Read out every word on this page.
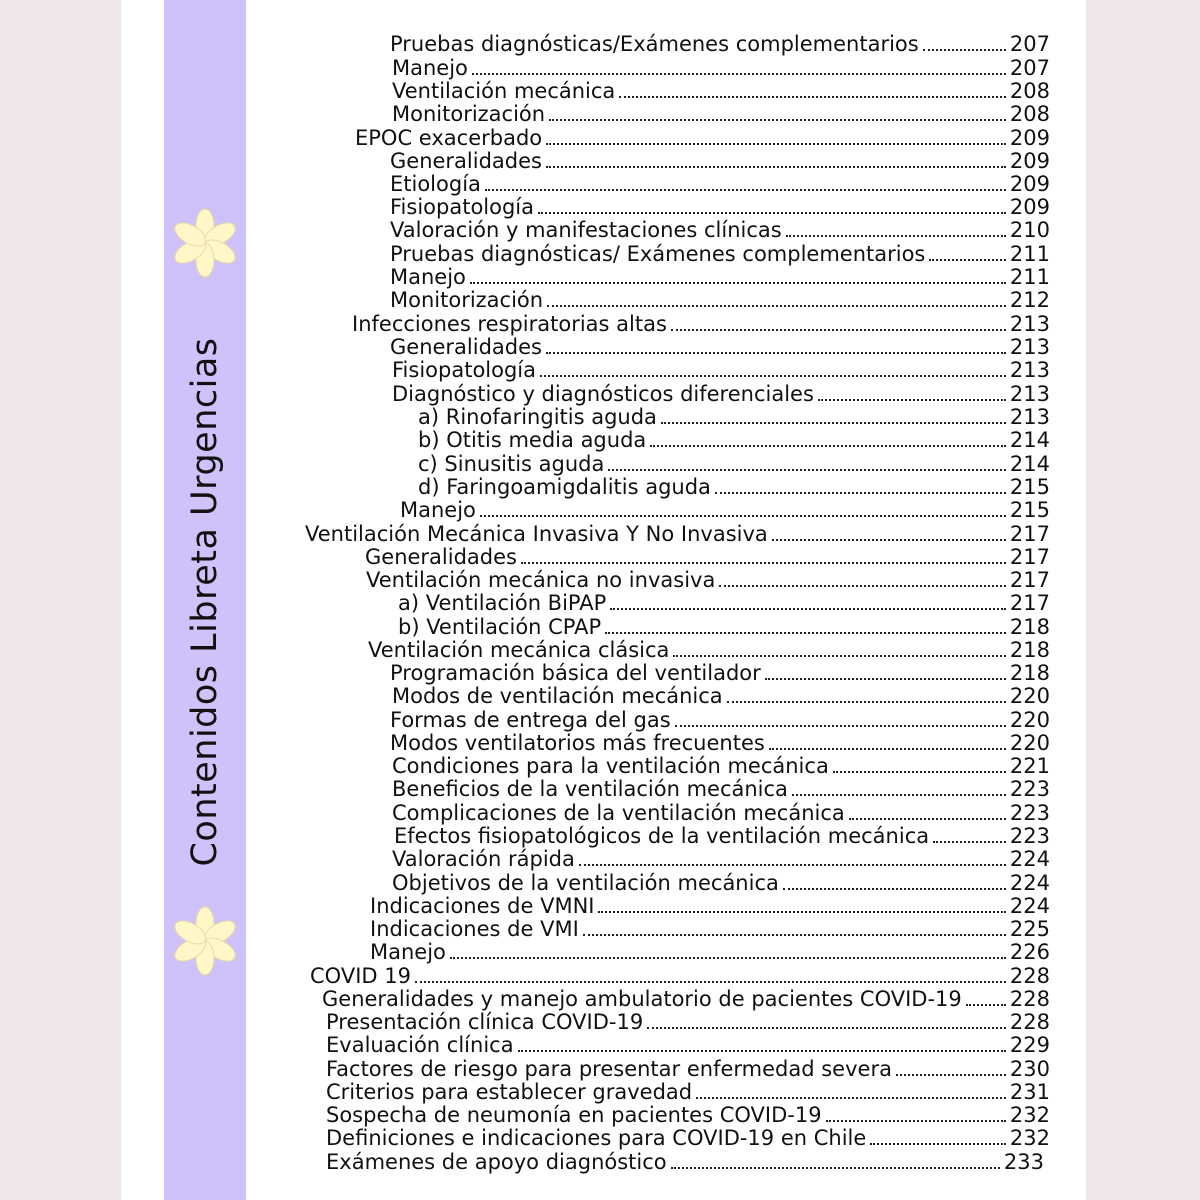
Contenidos Libreta Urgencias
Pruebas diagnósticas/Exámenes complementarios	207
Manejo	207
Ventilación mecánica	208
Monitorización	208
EPOC exacerbado	209
Generalidades	209
Etiología	209
Fisiopatología	209
Valoración y manifestaciones clínicas	210
Pruebas diagnósticas/ Exámenes complementarios	211
Manejo	211
Monitorización	212
Infecciones respiratorias altas	213
Generalidades	213
Fisiopatología	213
Diagnóstico y diagnósticos diferenciales	213
a) Rinofaringitis aguda	213
b) Otitis media aguda	214
c) Sinusitis aguda	214
d) Faringoamigdalitis aguda	215
Manejo	215
Ventilación Mecánica Invasiva Y No Invasiva	217
Generalidades	217
Ventilación mecánica no invasiva	217
a) Ventilación BiPAP	217
b) Ventilación CPAP	218
Ventilación mecánica clásica	218
Programación básica del ventilador	218
Modos de ventilación mecánica	220
Formas de entrega del gas	220
Modos ventilatorios más frecuentes	220
Condiciones para la ventilación mecánica	221
Beneficios de la ventilación mecánica	223
Complicaciones de la ventilación mecánica	223
Efectos fisiopatológicos de la ventilación mecánica	223
Valoración rápida	224
Objetivos de la ventilación mecánica	224
Indicaciones de VMNI	224
Indicaciones de VMI	225
Manejo	226
COVID 19	228
Generalidades y manejo ambulatorio de pacientes COVID-19 228
Presentación clínica COVID-19	228
Evaluación clínica	229
Factores de riesgo para presentar enfermedad severa	230
Criterios para establecer gravedad	231
Sospecha de neumonía en pacientes COVID-19	232
Definiciones e indicaciones para COVID-19 en Chile	232
Exámenes de apoyo diagnóstico	233
